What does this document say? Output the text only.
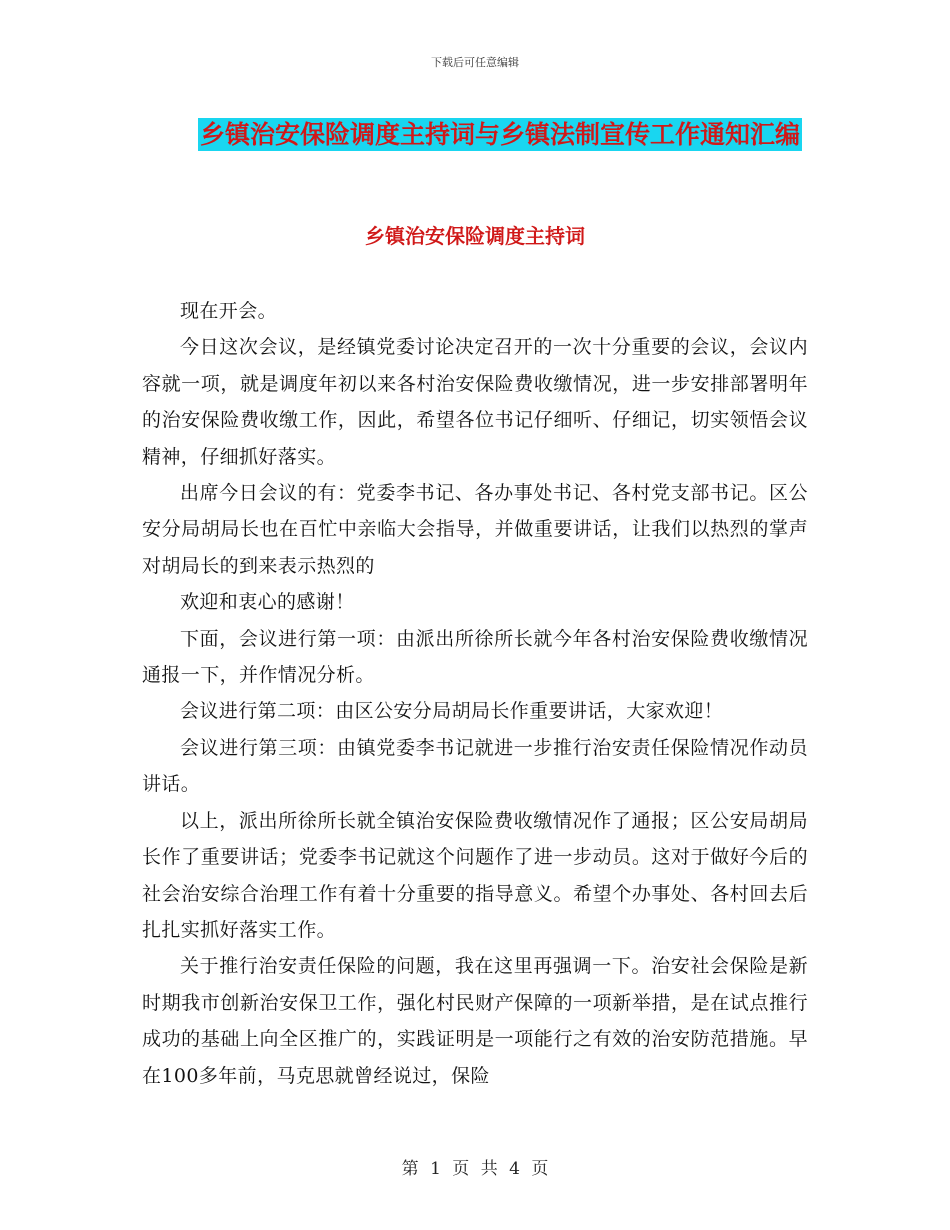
下载后可任意编辑
乡镇治安保险调度主持词与乡镇法制宣传工作通知汇编
乡镇治安保险调度主持词

现在开会。

今日这次会议，是经镇党委讨论决定召开的一次十分重要的会议，会议内容就一项，就是调度年初以来各村治安保险费收缴情况，进一步安排部署明年的治安保险费收缴工作，因此，希望各位书记仔细听、仔细记，切实领悟会议精神，仔细抓好落实。

出席今日会议的有：党委李书记、各办事处书记、各村党支部书记。区公安分局胡局长也在百忙中亲临大会指导，并做重要讲话，让我们以热烈的掌声对胡局长的到来表示热烈的

欢迎和衷心的感谢！

下面，会议进行第一项：由派出所徐所长就今年各村治安保险费收缴情况通报一下，并作情况分析。

会议进行第二项：由区公安分局胡局长作重要讲话，大家欢迎！

会议进行第三项：由镇党委李书记就进一步推行治安责任保险情况作动员讲话。

以上，派出所徐所长就全镇治安保险费收缴情况作了通报；区公安局胡局长作了重要讲话；党委李书记就这个问题作了进一步动员。这对于做好今后的社会治安综合治理工作有着十分重要的指导意义。希望个办事处、各村回去后扎扎实抓好落实工作。

关于推行治安责任保险的问题，我在这里再强调一下。治安社会保险是新时期我市创新治安保卫工作，强化村民财产保障的一项新举措，是在试点推行成功的基础上向全区推广的，实践证明是一项能行之有效的治安防范措施。早在100多年前，马克思就曾经说过，保险

第 1 页 共 4 页
